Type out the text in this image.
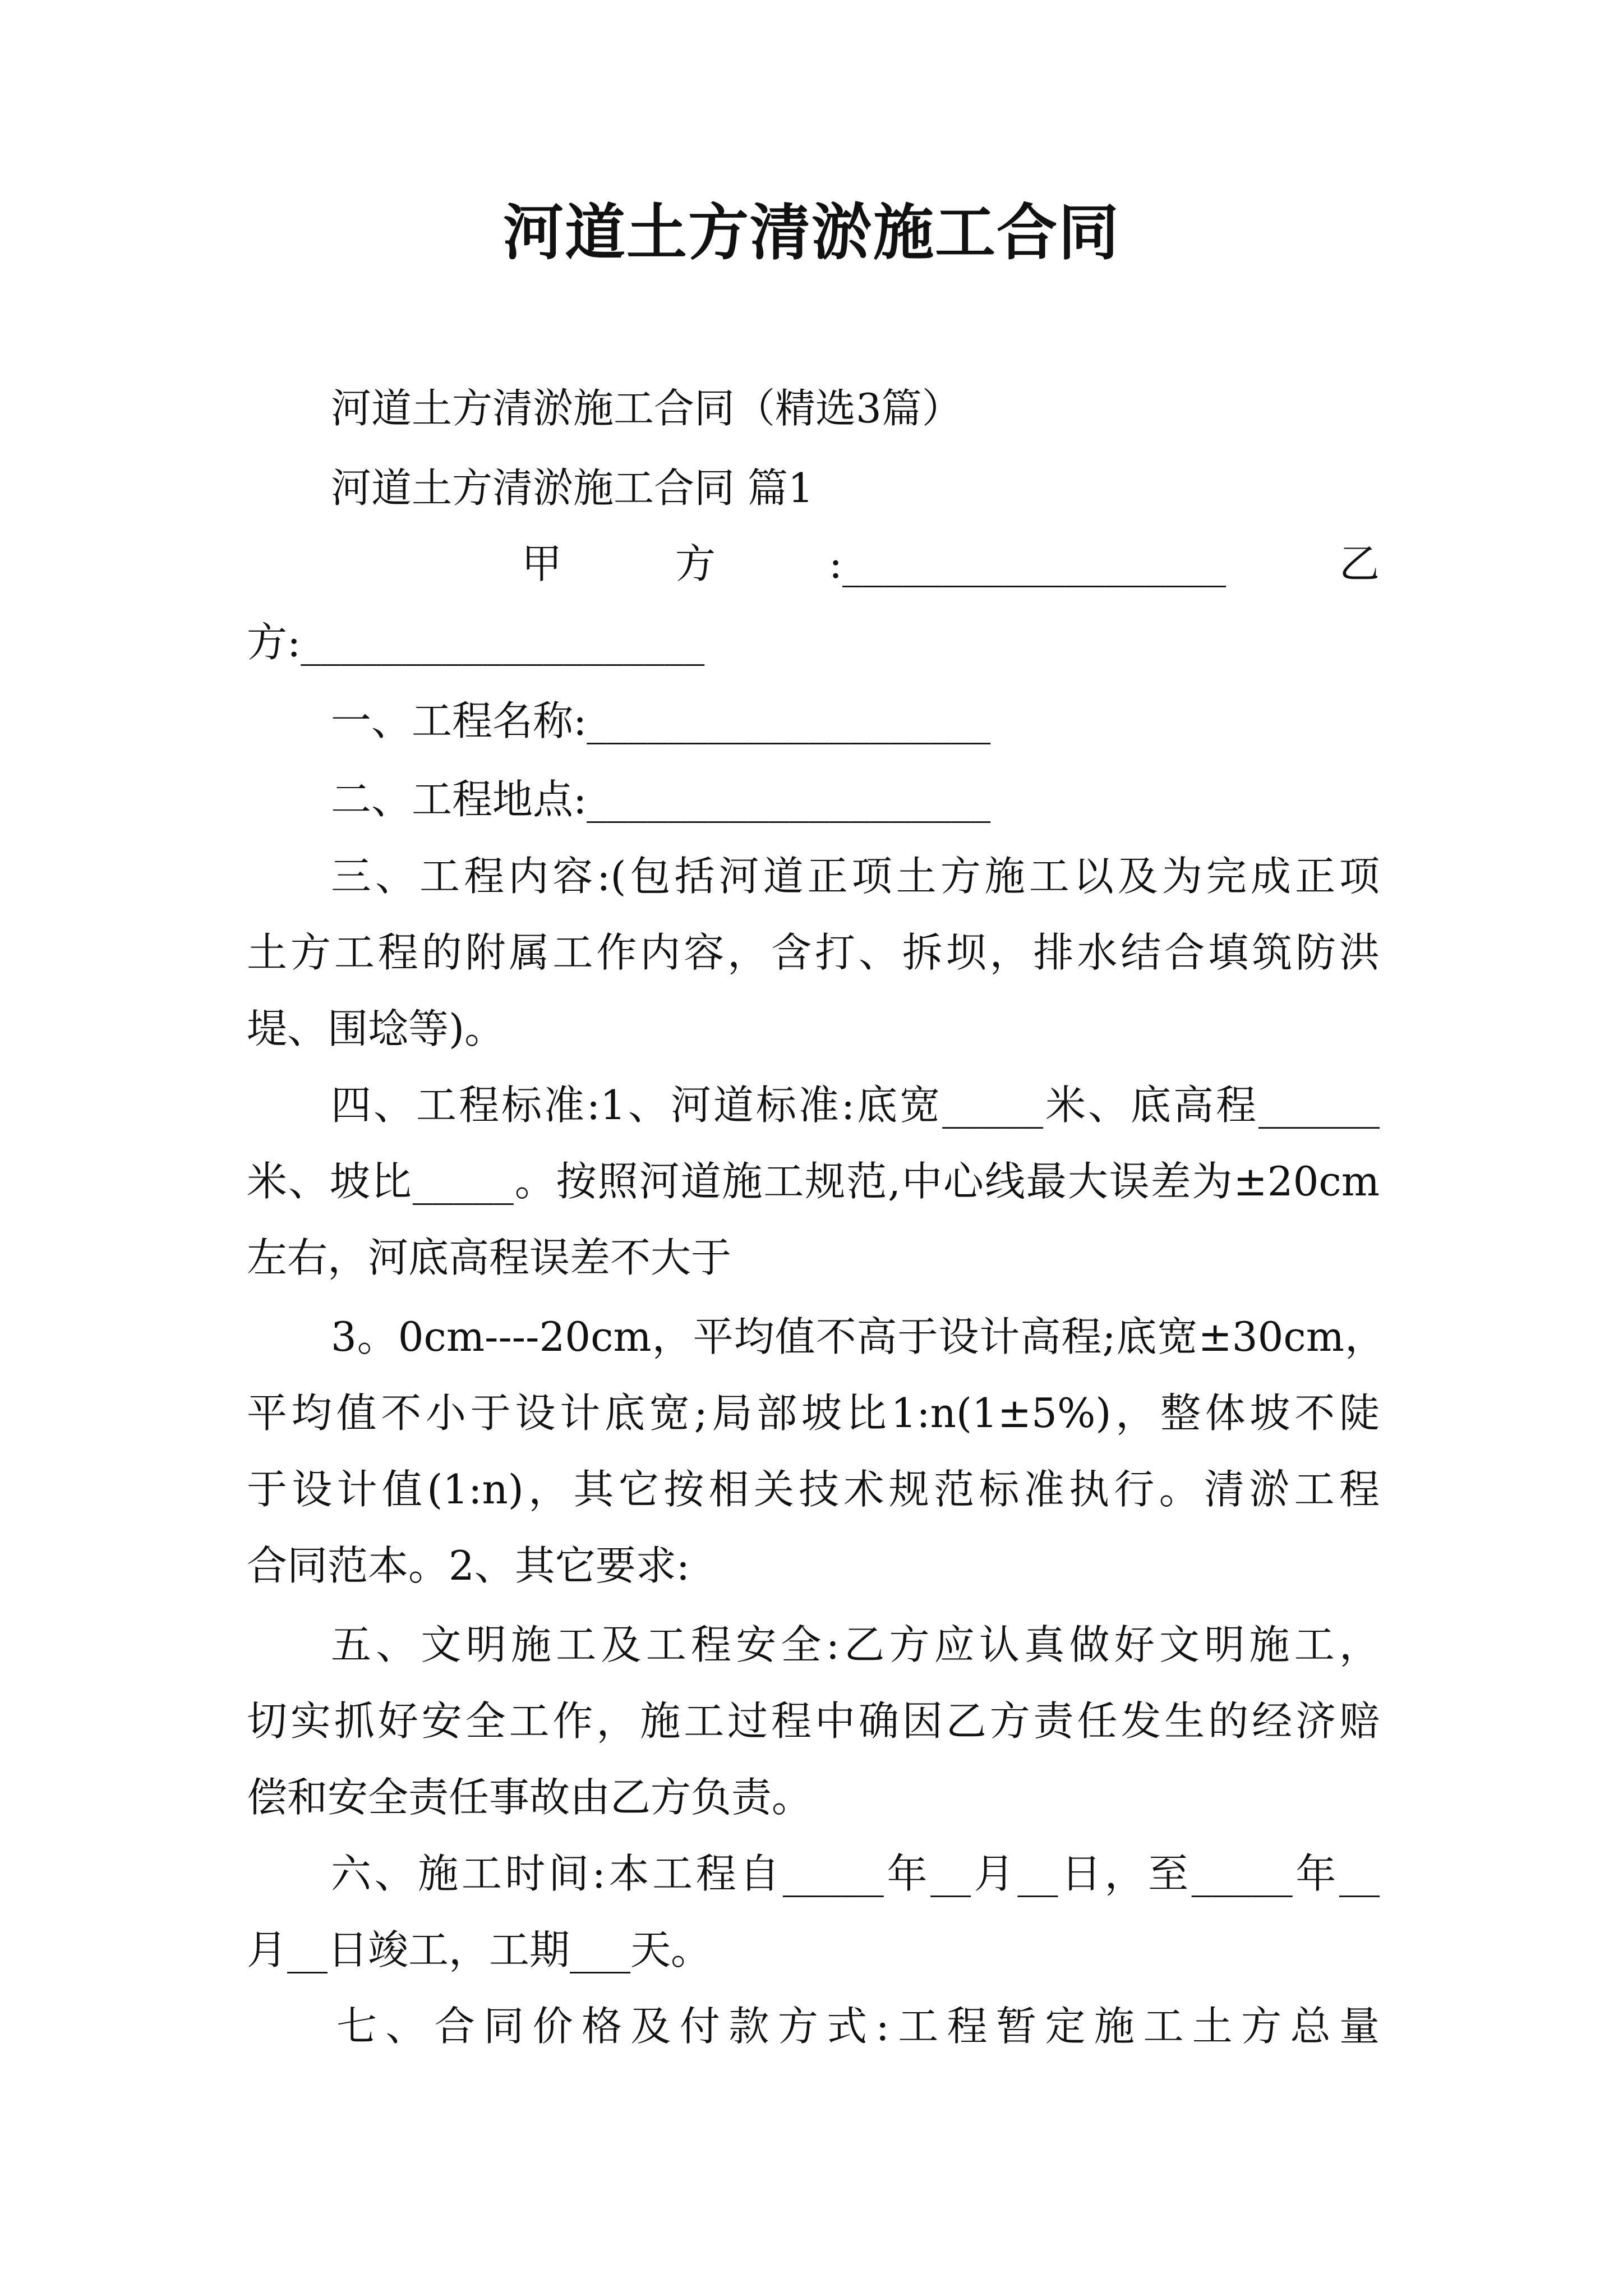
河道土方清淤施工合同
河道土方清淤施工合同（精选3篇）
河道土方清淤施工合同 篇1
甲　　方　　:___________________　　乙
方:____________________
一、工程名称:____________________
二、工程地点:____________________
三、工程内容:(包括河道正项土方施工以及为完成正项
土方工程的附属工作内容，含打、拆坝，排水结合填筑防洪
堤、围埝等)。
四、工程标准:1、河道标准:底宽_____米、底高程______
米、坡比_____。按照河道施工规范,中心线最大误差为±20cm
左右，河底高程误差不大于
3。0cm----20cm，平均值不高于设计高程;底宽±30cm，
平均值不小于设计底宽;局部坡比1:n(1±5%)，整体坡不陡
于设计值(1:n)，其它按相关技术规范标准执行。清淤工程
合同范本。2、其它要求:
五、文明施工及工程安全:乙方应认真做好文明施工，
切实抓好安全工作，施工过程中确因乙方责任发生的经济赔
偿和安全责任事故由乙方负责。
六、施工时间:本工程自_____年__月__日，至_____年__
月__日竣工，工期___天。
七、合同价格及付款方式:工程暂定施工土方总量
